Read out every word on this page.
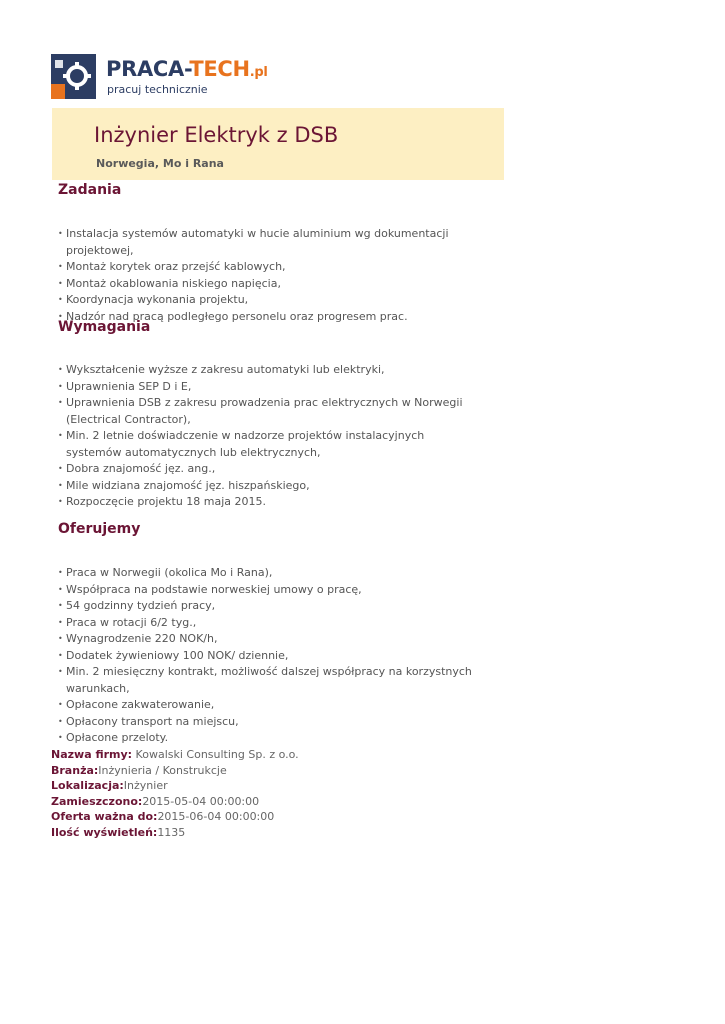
PRACA-TECH.pl
pracuj technicznie
Inżynier Elektryk z DSB
Norwegia, Mo i Rana
Zadania
• Instalacja systemów automatyki w hucie aluminium wg dokumentacji projektowej,
• Montaż korytek oraz przejść kablowych,
• Montaż okablowania niskiego napięcia,
• Koordynacja wykonania projektu,
• Nadzór nad pracą podległego personelu oraz progresem prac.
Wymagania
• Wykształcenie wyższe z zakresu automatyki lub elektryki,
• Uprawnienia SEP D i E,
• Uprawnienia DSB z zakresu prowadzenia prac elektrycznych w Norwegii (Electrical Contractor),
• Min. 2 letnie doświadczenie w nadzorze projektów instalacyjnych systemów automatycznych lub elektrycznych,
• Dobra znajomość jęz. ang.,
• Mile widziana znajomość jęz. hiszpańskiego,
• Rozpoczęcie projektu 18 maja 2015.
Oferujemy
• Praca w Norwegii (okolica Mo i Rana),
• Współpraca na podstawie norweskiej umowy o pracę,
• 54 godzinny tydzień pracy,
• Praca w rotacji 6/2 tyg.,
• Wynagrodzenie 220 NOK/h,
• Dodatek żywieniowy 100 NOK/ dziennie,
• Min. 2 miesięczny kontrakt, możliwość dalszej współpracy na korzystnych warunkach,
• Opłacone zakwaterowanie,
• Opłacony transport na miejscu,
• Opłacone przeloty.
Nazwa firmy: Kowalski Consulting Sp. z o.o.
Branża:Inżynieria / Konstrukcje
Lokalizacja:Inżynier
Zamieszczono:2015-05-04 00:00:00
Oferta ważna do:2015-06-04 00:00:00
Ilość wyświetleń:1135
